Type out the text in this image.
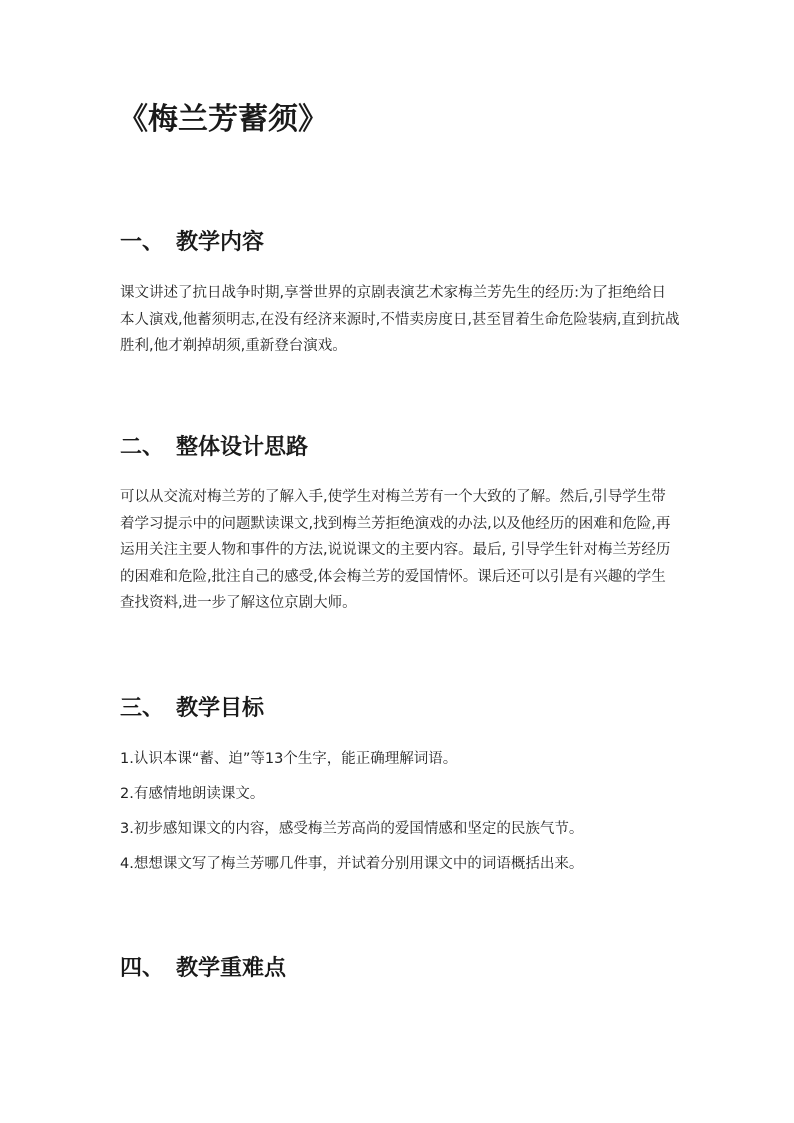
《梅兰芳蓄须》
一、 教学内容

课文讲述了抗日战争时期,享誉世界的京剧表演艺术家梅兰芳先生的经历:为了拒绝给日本人演戏,他蓄须明志,在没有经济来源时,不惜卖房度日,甚至冒着生命危险装病,直到抗战胜利,他才剃掉胡须,重新登台演戏。

二、 整体设计思路

可以从交流对梅兰芳的了解入手,使学生对梅兰芳有一个大致的了解。然后,引导学生带着学习提示中的问题默读课文,找到梅兰芳拒绝演戏的办法,以及他经历的困难和危险,再运用关注主要人物和事件的方法,说说课文的主要内容。最后, 引导学生针对梅兰芳经历的困难和危险,批注自己的感受,体会梅兰芳的爱国情怀。课后还可以引是有兴趣的学生查找资料,进一步了解这位京剧大师。

三、 教学目标

1.认识本课“蓄、迫”等13个生字，能正确理解词语。

2.有感情地朗读课文。

3.初步感知课文的内容，感受梅兰芳高尚的爱国情感和坚定的民族气节。

4.想想课文写了梅兰芳哪几件事，并试着分别用课文中的词语概括出来。

四、 教学重难点
